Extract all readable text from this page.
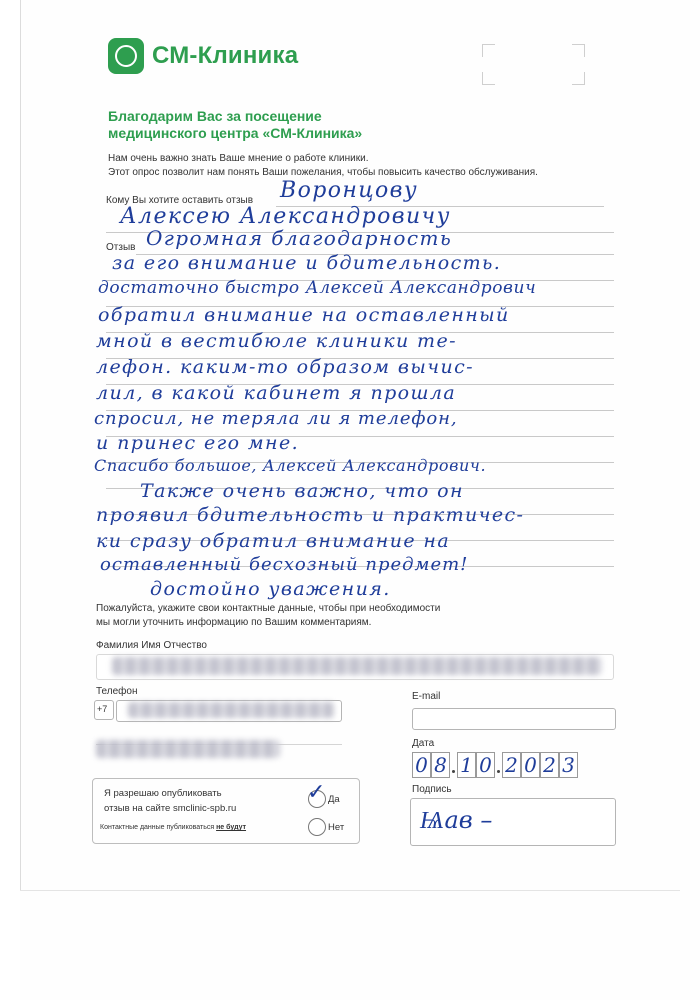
СМ-Клиника
Благодарим Вас за посещение
медицинского центра «СМ-Клиника»
Нам очень важно знать Ваше мнение о работе клиники.
Этот опрос позволит нам понять Ваши пожелания, чтобы повысить качество обслуживания.
Кому Вы хотите оставить отзыв Воронцову
Алексею Александровичу
Отзыв Огромная благодарность
за его внимание и бдительность.
достаточно быстро Алексей Александрович
обратил внимание на оставленный
мной в вестибюле клиники те-
лефон. каким-то образом вычис-
лил, в какой кабинет я прошла
спросил, не теряла ли я телефон,
и принес его мне.
Спасибо большое, Алексей Александрович.
Также очень важно, что он
проявил бдительность и практичес-
ки сразу обратил внимание на
оставленный бесхозный предмет!
достойно уважения.
Пожалуйста, укажите свои контактные данные, чтобы при необходимости
мы могли уточнить информацию по Вашим комментариям.
Фамилия Имя Отчество
Телефон
+7
E-mail
Дата
0 8 1 0 2 0 2 3
Подпись
Ѩав –
Я разрешаю опубликовать
отзыв на сайте smclinic-spb.ru
Контактные данные публиковаться не будут
✓ Да
Нет
